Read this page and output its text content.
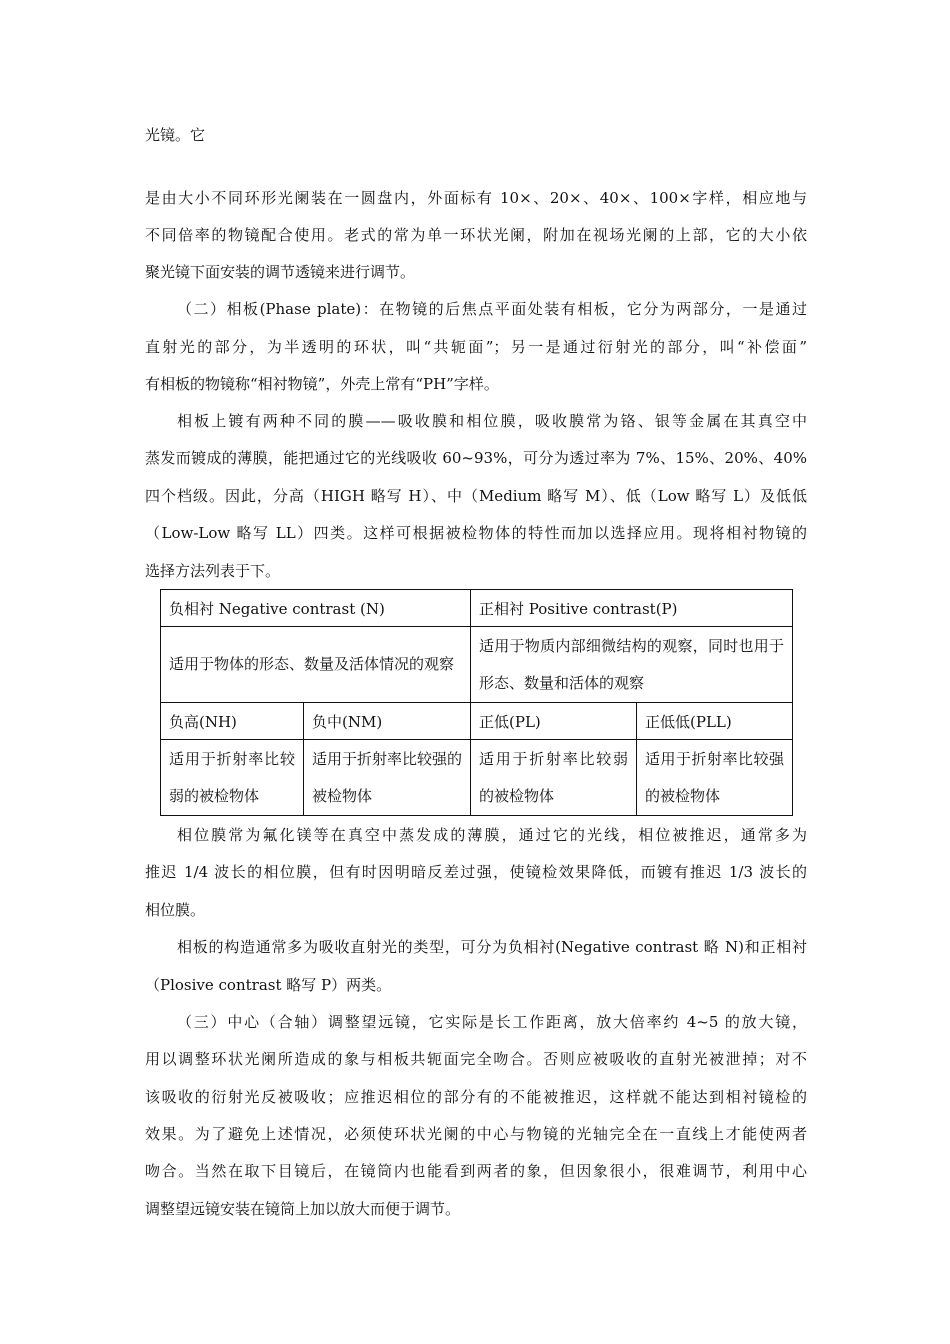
光镜。它
是由大小不同环形光阑装在一圆盘内，外面标有 10×、20×、40×、100×字样，相应地与
不同倍率的物镜配合使用。老式的常为单一环状光阑，附加在视场光阑的上部，它的大小依
聚光镜下面安装的调节透镜来进行调节。
（二）相板(Phase plate)：在物镜的后焦点平面处装有相板，它分为两部分，一是通过
直射光的部分，为半透明的环状，叫“共轭面”；另一是通过衍射光的部分，叫“补偿面”
有相板的物镜称“相衬物镜”，外壳上常有“PH”字样。
相板上镀有两种不同的膜——吸收膜和相位膜，吸收膜常为铬、银等金属在其真空中
蒸发而镀成的薄膜，能把通过它的光线吸收 60~93%，可分为透过率为 7%、15%、20%、40%
四个档级。因此，分高（HIGH 略写 H）、中（Medium 略写 M）、低（Low 略写 L）及低低
（Low-Low 略写 LL）四类。这样可根据被检物体的特性而加以选择应用。现将相衬物镜的
选择方法列表于下。
负相衬 Negative contrast (N)		正相衬 Positive contrast(P)	

适用于物体的形态、数量及活体情况的观察		适用于物质内部细微结构的观察，同时也用于形态、数量和活体的观察	

负高(NH)	负中(NM)	正低(PL)	正低低(PLL)

适用于折射率比较弱的被检物体	适用于折射率比较强的被检物体	适用于折射率比较弱的被检物体	适用于折射率比较强的被检物体
相位膜常为氟化镁等在真空中蒸发成的薄膜，通过它的光线，相位被推迟，通常多为
推迟 1/4 波长的相位膜，但有时因明暗反差过强，使镜检效果降低，而镀有推迟 1/3 波长的
相位膜。
相板的构造通常多为吸收直射光的类型，可分为负相衬(Negative contrast 略 N)和正相衬
（Plosive contrast 略写 P）两类。
（三）中心（合轴）调整望远镜，它实际是长工作距离，放大倍率约 4~5 的放大镜，
用以调整环状光阑所造成的象与相板共轭面完全吻合。否则应被吸收的直射光被泄掉；对不
该吸收的衍射光反被吸收；应推迟相位的部分有的不能被推迟，这样就不能达到相衬镜检的
效果。为了避免上述情况，必须使环状光阑的中心与物镜的光轴完全在一直线上才能使两者
吻合。当然在取下目镜后，在镜筒内也能看到两者的象，但因象很小，很难调节，利用中心
调整望远镜安装在镜筒上加以放大而便于调节。
